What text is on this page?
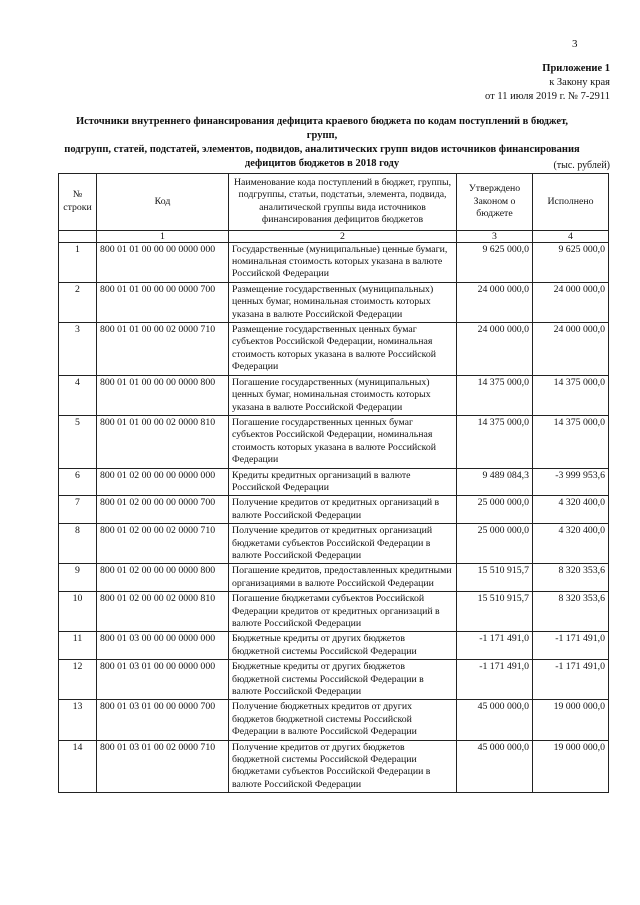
3
Приложение 1
к Закону края
от 11 июля 2019 г. № 7-2911
Источники внутреннего финансирования дефицита краевого бюджета по кодам поступлений в бюджет, групп,
подгрупп, статей, подстатей, элементов, подвидов, аналитических групп видов источников финансирования
дефицитов бюджетов в 2018 году	(тыс. рублей)
№ строки	Код	Наименование кода поступлений в бюджет, группы, подгруппы, статьи, подстатьи, элемента, подвида, аналитической группы вида источников финансирования дефицитов бюджетов	Утверждено Законом о бюджете	Исполнено
	1	2	3	4
1	800 01 01 00 00 00 0000 000	Государственные (муниципальные) ценные бумаги, номинальная стоимость которых указана в валюте Российской Федерации	9 625 000,0	9 625 000,0
2	800 01 01 00 00 00 0000 700	Размещение государственных (муниципальных) ценных бумаг, номинальная стоимость которых указана в валюте Российской Федерации	24 000 000,0	24 000 000,0
3	800 01 01 00 00 02 0000 710	Размещение государственных ценных бумаг субъектов Российской Федерации, номинальная стоимость которых указана в валюте Российской Федерации	24 000 000,0	24 000 000,0
4	800 01 01 00 00 00 0000 800	Погашение государственных (муниципальных) ценных бумаг, номинальная стоимость которых указана в валюте Российской Федерации	14 375 000,0	14 375 000,0
5	800 01 01 00 00 02 0000 810	Погашение государственных ценных бумаг субъектов Российской Федерации, номинальная стоимость которых указана в валюте Российской Федерации	14 375 000,0	14 375 000,0
6	800 01 02 00 00 00 0000 000	Кредиты кредитных организаций в валюте Российской Федерации	9 489 084,3	-3 999 953,6
7	800 01 02 00 00 00 0000 700	Получение кредитов от кредитных организаций в валюте Российской Федерации	25 000 000,0	4 320 400,0
8	800 01 02 00 00 02 0000 710	Получение кредитов от кредитных организаций бюджетами субъектов Российской Федерации в валюте Российской Федерации	25 000 000,0	4 320 400,0
9	800 01 02 00 00 00 0000 800	Погашение кредитов, предоставленных кредитными организациями в валюте Российской Федерации	15 510 915,7	8 320 353,6
10	800 01 02 00 00 02 0000 810	Погашение бюджетами субъектов Российской Федерации кредитов от кредитных организаций в валюте Российской Федерации	15 510 915,7	8 320 353,6
11	800 01 03 00 00 00 0000 000	Бюджетные кредиты от других бюджетов бюджетной системы Российской Федерации	-1 171 491,0	-1 171 491,0
12	800 01 03 01 00 00 0000 000	Бюджетные кредиты от других бюджетов бюджетной системы Российской Федерации в валюте Российской Федерации	-1 171 491,0	-1 171 491,0
13	800 01 03 01 00 00 0000 700	Получение бюджетных кредитов от других бюджетов бюджетной системы Российской Федерации в валюте Российской Федерации	45 000 000,0	19 000 000,0
14	800 01 03 01 00 02 0000 710	Получение кредитов от других бюджетов бюджетной системы Российской Федерации бюджетами субъектов Российской Федерации в валюте Российской Федерации	45 000 000,0	19 000 000,0
